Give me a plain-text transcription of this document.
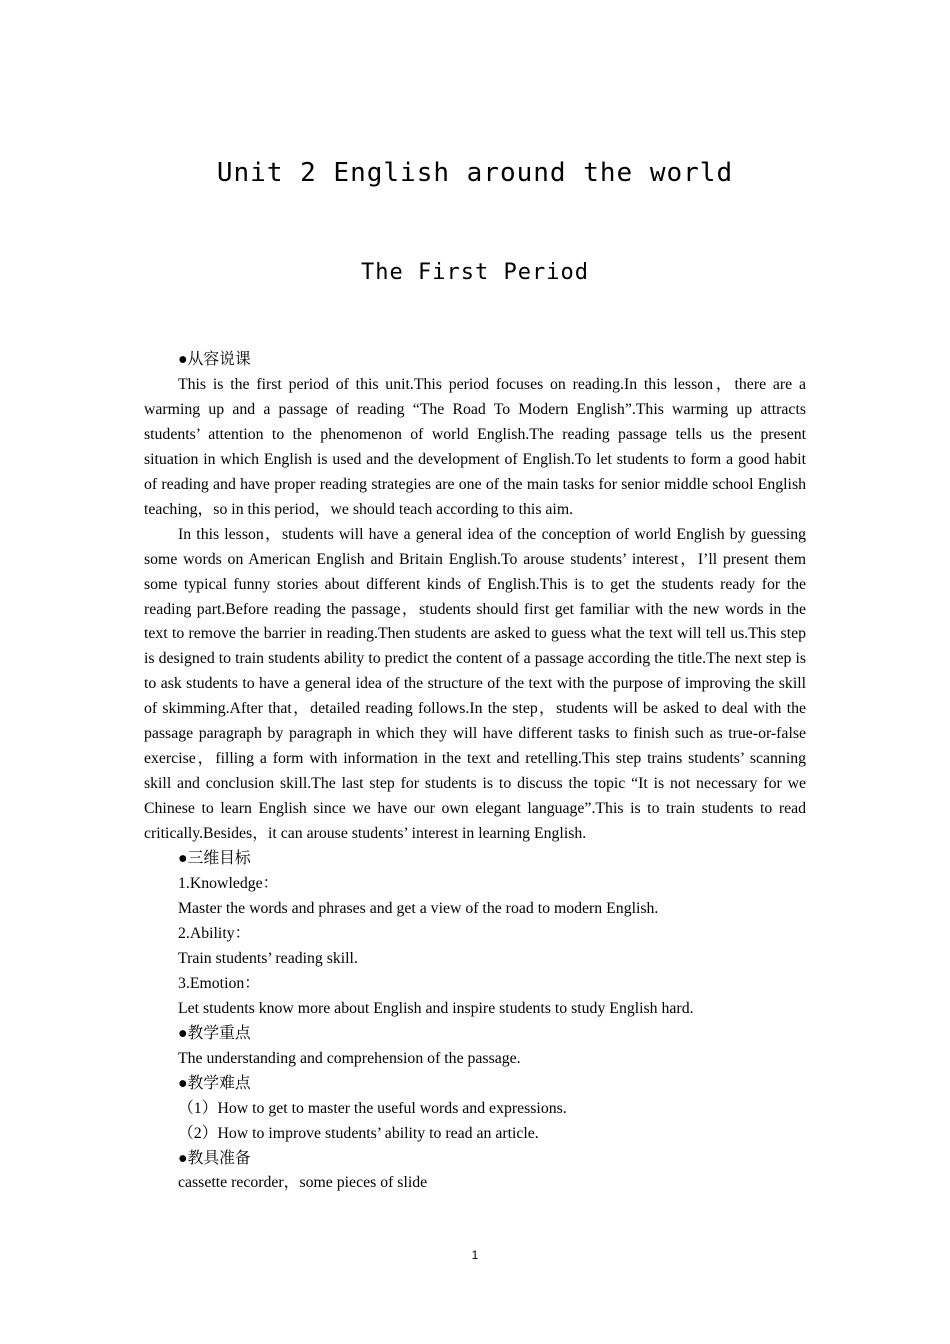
Unit 2 English around the world
The First Period

●从容说课

This is the first period of this unit.This period focuses on reading.In this lesson，there are a warming up and a passage of reading “The Road To Modern English”.This warming up attracts students’ attention to the phenomenon of world English.The reading passage tells us the present situation in which English is used and the development of English.To let students to form a good habit of reading and have proper reading strategies are one of the main tasks for senior middle school English teaching，so in this period，we should teach according to this aim.

In this lesson，students will have a general idea of the conception of world English by guessing some words on American English and Britain English.To arouse students’ interest，I’ll present them some typical funny stories about different kinds of English.This is to get the students ready for the reading part.Before reading the passage，students should first get familiar with the new words in the text to remove the barrier in reading.Then students are asked to guess what the text will tell us.This step is designed to train students ability to predict the content of a passage according the title.The next step is to ask students to have a general idea of the structure of the text with the purpose of improving the skill of skimming.After that，detailed reading follows.In the step，students will be asked to deal with the passage paragraph by paragraph in which they will have different tasks to finish such as true-or-false exercise，filling a form with information in the text and retelling.This step trains students’ scanning skill and conclusion skill.The last step for students is to discuss the topic “It is not necessary for we Chinese to learn English since we have our own elegant language”.This is to train students to read critically.Besides，it can arouse students’ interest in learning English.

●三维目标

1.Knowledge：

Master the words and phrases and get a view of the road to modern English.

2.Ability：

Train students’ reading skill.

3.Emotion：

Let students know more about English and inspire students to study English hard.

●教学重点

The understanding and comprehension of the passage.

●教学难点

（1）How to get to master the useful words and expressions.

（2）How to improve students’ ability to read an article.

●教具准备

cassette recorder，some pieces of slide

1
